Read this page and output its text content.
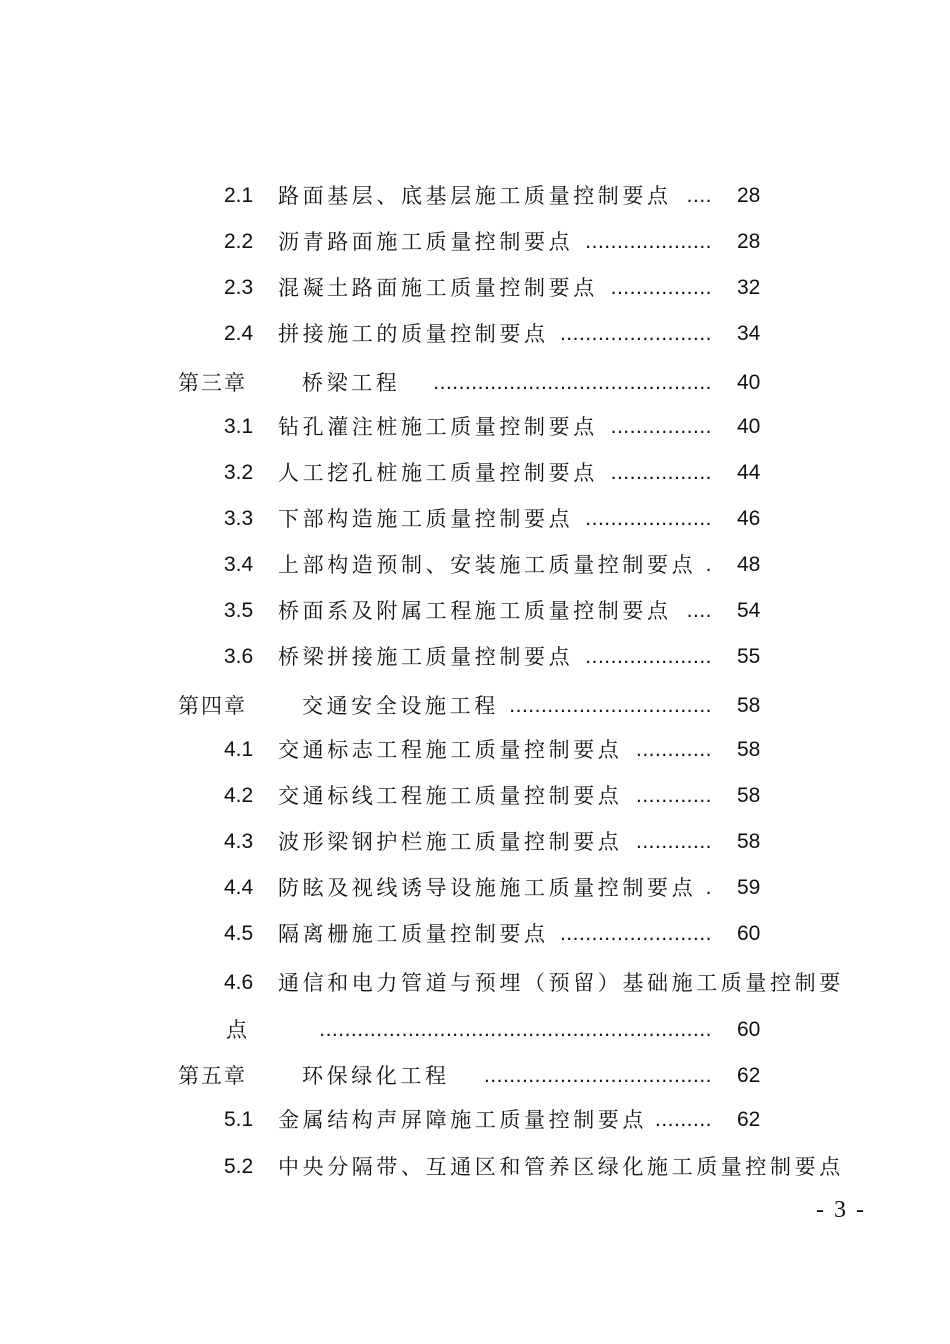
2.1 路面基层、底基层施工质量控制要点 .... 28
2.2 沥青路面施工质量控制要点 .................... 28
2.3 混凝土路面施工质量控制要点 ................ 32
2.4 拼接施工的质量控制要点 ........................ 34
第三章	桥梁工程	............................................ 40
3.1 钻孔灌注桩施工质量控制要点 ................ 40
3.2 人工挖孔桩施工质量控制要点 ................ 44
3.3 下部构造施工质量控制要点 .................... 46
3.4 上部构造预制、安装施工质量控制要点 . 48
3.5 桥面系及附属工程施工质量控制要点 .... 54
3.6 桥梁拼接施工质量控制要点 .................... 55
第四章	交通安全设施工程 ................................ 58
4.1 交通标志工程施工质量控制要点 ............ 58
4.2 交通标线工程施工质量控制要点 ............ 58
4.3 波形梁钢护栏施工质量控制要点 ............ 58
4.4 防眩及视线诱导设施施工质量控制要点 . 59
4.5 隔离栅施工质量控制要点 ........................ 60
4.6 通信和电力管道与预埋（预留）基础施工质量控制要
点	.............................................................. 60
第五章	环保绿化工程	.................................... 62
5.1 金属结构声屏障施工质量控制要点 ......... 62
5.2 中央分隔带、互通区和管养区绿化施工质量控制要点
- 3 -
